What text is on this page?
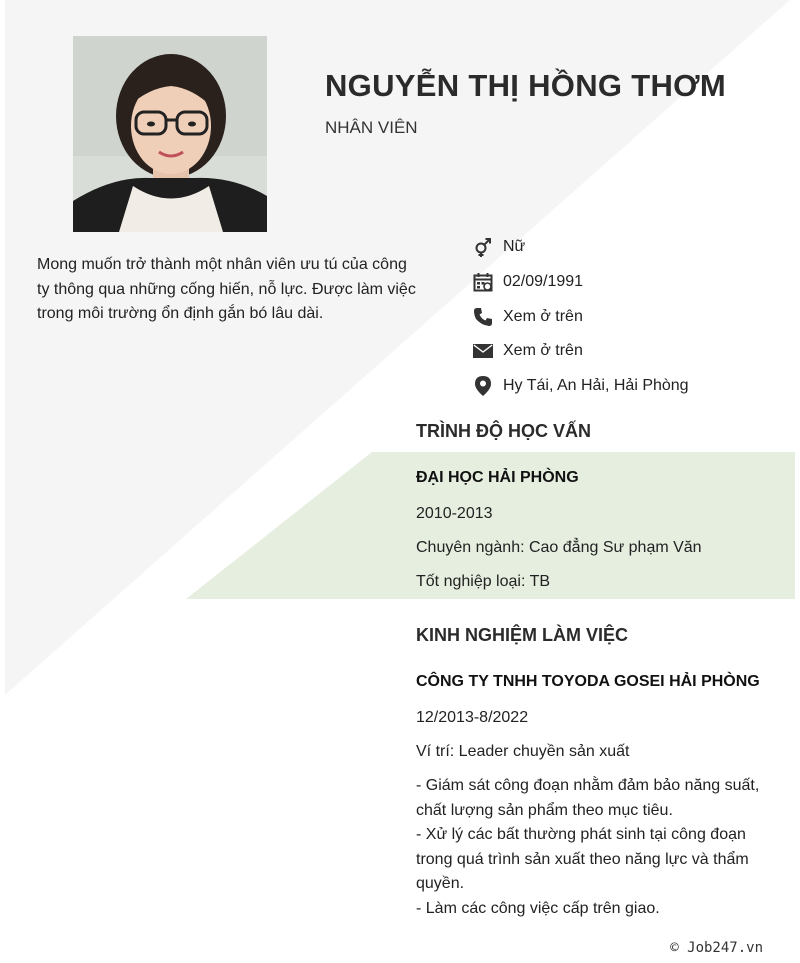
NGUYỄN THỊ HỒNG THƠM
NHÂN VIÊN
Mong muốn trở thành một nhân viên ưu tú của công ty thông qua những cống hiến, nỗ lực. Được làm việc trong môi trường ổn định gắn bó lâu dài.
Nữ
02/09/1991
Xem ở trên
Xem ở trên
Hy Tái, An Hải, Hải Phòng
TRÌNH ĐỘ HỌC VẤN
ĐẠI HỌC HẢI PHÒNG
2010-2013
Chuyên ngành: Cao đẳng Sư phạm Văn
Tốt nghiệp loại: TB
KINH NGHIỆM LÀM VIỆC
CÔNG TY TNHH TOYODA GOSEI HẢI PHÒNG
12/2013-8/2022
Ví trí: Leader chuyền sản xuất
- Giám sát công đoạn nhằm đảm bảo năng suất, chất lượng sản phẩm theo mục tiêu.
- Xử lý các bất thường phát sinh tại công đoạn trong quá trình sản xuất theo năng lực và thẩm quyền.
- Làm các công việc cấp trên giao.
© Job247.vn
